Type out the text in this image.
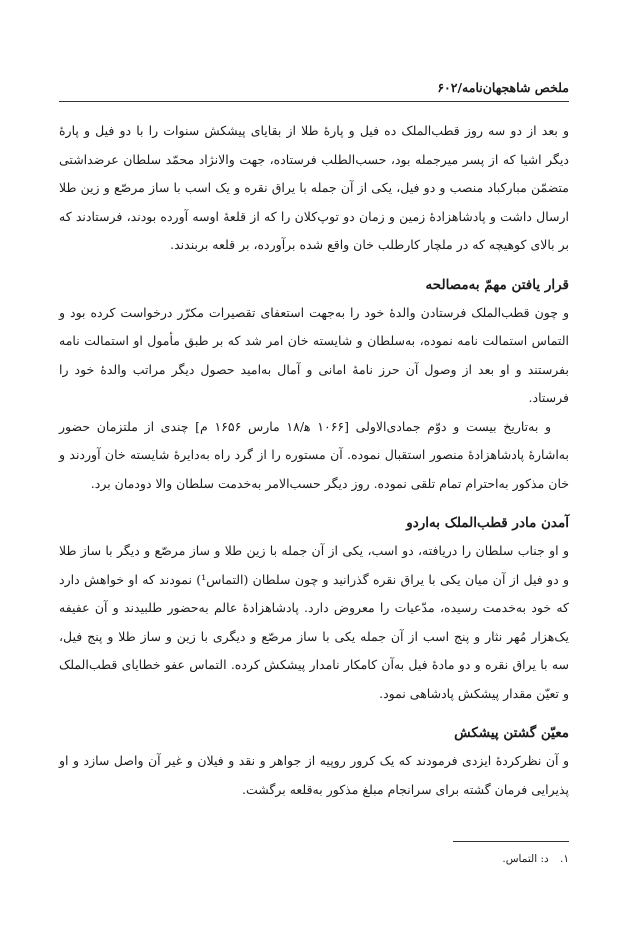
ملخص شاهجهان‌نامه/۶۰۲

و بعد از دو سه روز قطب‌الملک ده فیل و پارهٔ طلا از بقایای پیشکش سنوات را با دو فیل و پارهٔ دیگر اشیا که از پسر میرجمله بود، حسب‌الطلب فرستاده، جهت والانژاد محمّد سلطان عرضداشتی متضمّن مبارکباد منصب و دو فیل، یکی از آن جمله با یراق نقره و یک اسب با ساز مرصّع و زین طلا ارسال داشت و پادشاهزادهٔ زمین و زمان دو توپ‌کلان را که از قلعهٔ اوسه آورده بودند، فرستادند که بر بالای کوهیچه که در ملچار کارطلب خان واقع شده برآورده، بر قلعه بربندند.

قرار یافتن مهمّ به‌مصالحه

و چون قطب‌الملک فرستادن والدهٔ خود را به‌جهت استعفای تقصیرات مکرّر درخواست کرده بود و التماس استمالت نامه نموده، به‌سلطان و شایسته خان امر شد که بر طبق مأمول او استمالت نامه بفرستند و او بعد از وصول آن حرز نامهٔ امانی و آمال به‌امید حصول دیگر مراتب والدهٔ خود را فرستاد.

و به‌تاریخ بیست و دوّم جمادی‌الاولی [۱۰۶۶ ه‍/۱۸ مارس ۱۶۵۶ م] چندی از ملتزمان حضور به‌اشارهٔ پادشاهزادهٔ منصور استقبال نموده. آن مستوره را از گرد راه به‌دایرهٔ شایسته خان آوردند و خان مذکور به‌احترام تمام تلقی نموده. روز دیگر حسب‌الامر به‌خدمت سلطان والا دودمان برد.

آمدن مادر قطب‌الملک به‌اردو

و او جناب سلطان را دریافته، دو اسب، یکی از آن جمله با زین طلا و ساز مرصّع و دیگر با ساز طلا و دو فیل از آن میان یکی با یراق نقره گذرانید و چون سلطان (التماس¹) نمودند که او خواهش دارد که خود به‌خدمت رسیده، مدّعیات را معروض دارد. پادشاهزادهٔ عالم به‌حضور طلبیدند و آن عفیفه یک‌هزار مُهر نثار و پنج اسب از آن جمله یکی با ساز مرصّع و دیگری با زین و ساز طلا و پنج فیل، سه با یراق نقره و دو مادهٔ فیل به‌آن کامکار نامدار پیشکش کرده. التماس عفو خطایای قطب‌الملک و تعیّن مقدار پیشکش پادشاهی نمود.

معیّن گشتن پیشکش

و آن نظرکردهٔ ایزدی فرمودند که یک کرور روپیه از جواهر و نقد و فیلان و غیر آن واصل سازد و او پذیرایی فرمان گشته برای سرانجام مبلغ مذکور به‌قلعه برگشت.

۱. د: التماس.
